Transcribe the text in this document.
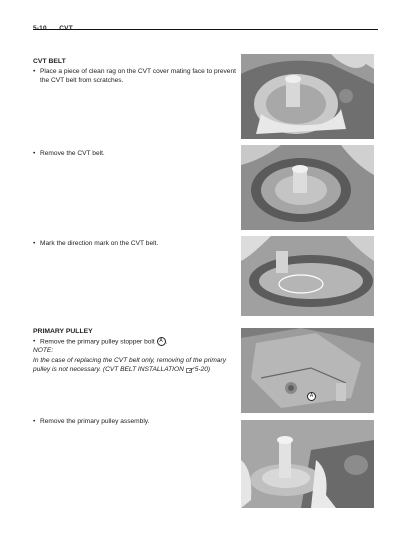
CVT BELT
• Place a piece of clean rag on the CVT cover mating face to prevent the CVT belt from scratches.
• Remove the CVT belt.
• Mark the direction mark on the CVT belt.
PRIMARY PULLEY
• Remove the primary pulley stopper bolt A .
NOTE:
In the case of replacing the CVT belt only, removing of the primary pulley is not necessary. (CVT BELT INSTALLATION 5-20)
• Remove the primary pulley assembly.
A
